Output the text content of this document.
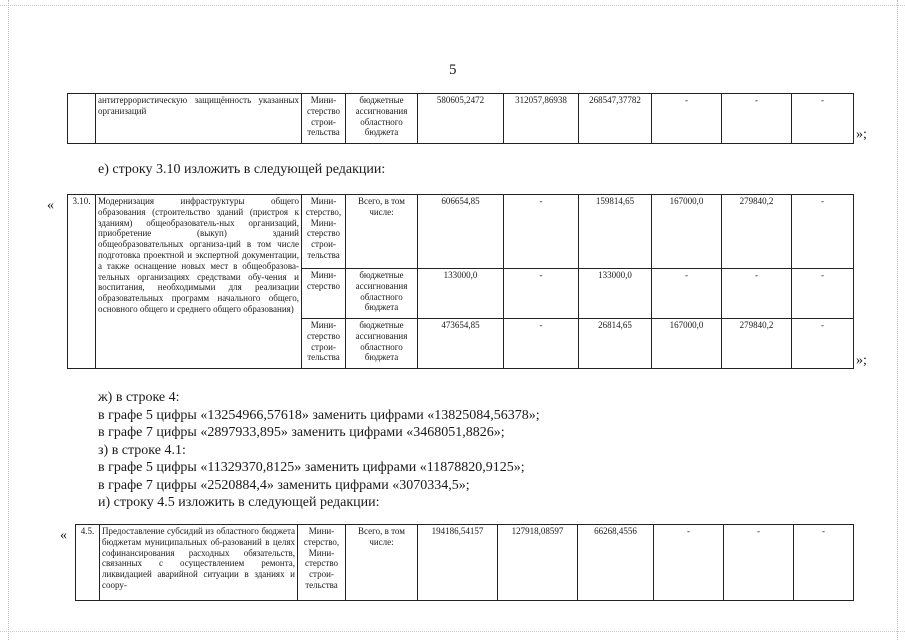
5
	антитеррористическую защищённость указанных организаций	Мини-стерство строи-тельства	бюджетные ассигнования областного бюджета	580605,2472	312057,86938	268547,37782	-	-	-
»;
е) строку 3.10 изложить в следующей редакции:
« 3.10.	Модернизация инфраструктуры общего образования (строительство зданий (пристроя к зданиям) общеобразователь-ных организаций, приобретение (выкуп) зданий общеобразовательных организа-ций в том числе подготовка проектной и экспертной документации, а также оснащение новых мест в общеобразова-тельных организациях средствами обу-чения и воспитания, необходимыми для реализации образовательных программ начального общего, основного общего и среднего общего образования)	Мини-стерство, Мини-стерство строи-тельства	Всего, в том числе:	606654,85	-	159814,65	167000,0	279840,2	-
		Мини-стерство	бюджетные ассигнования областного бюджета	133000,0	-	133000,0	-	-	-
		Мини-стерство строи-тельства	бюджетные ассигнования областного бюджета	473654,85	-	26814,65	167000,0	279840,2	-
»;
ж) в строке 4:
в графе 5 цифры «13254966,57618» заменить цифрами «13825084,56378»;
в графе 7 цифры «2897933,895» заменить цифрами «3468051,8826»;
з) в строке 4.1:
в графе 5 цифры «11329370,8125» заменить цифрами «11878820,9125»;
в графе 7 цифры «2520884,4» заменить цифрами «3070334,5»;
и) строку 4.5 изложить в следующей редакции:
« 4.5.	Предоставление субсидий из областного бюджета бюджетам муниципальных об-разований в целях софинансирования расходных обязательств, связанных с осуществлением ремонта, ликвидацией аварийной ситуации в зданиях и соору-	Мини-стерство, Мини-стерство строи-тельства	Всего, в том числе:	194186,54157	127918,08597	66268,4556	-	-	-
